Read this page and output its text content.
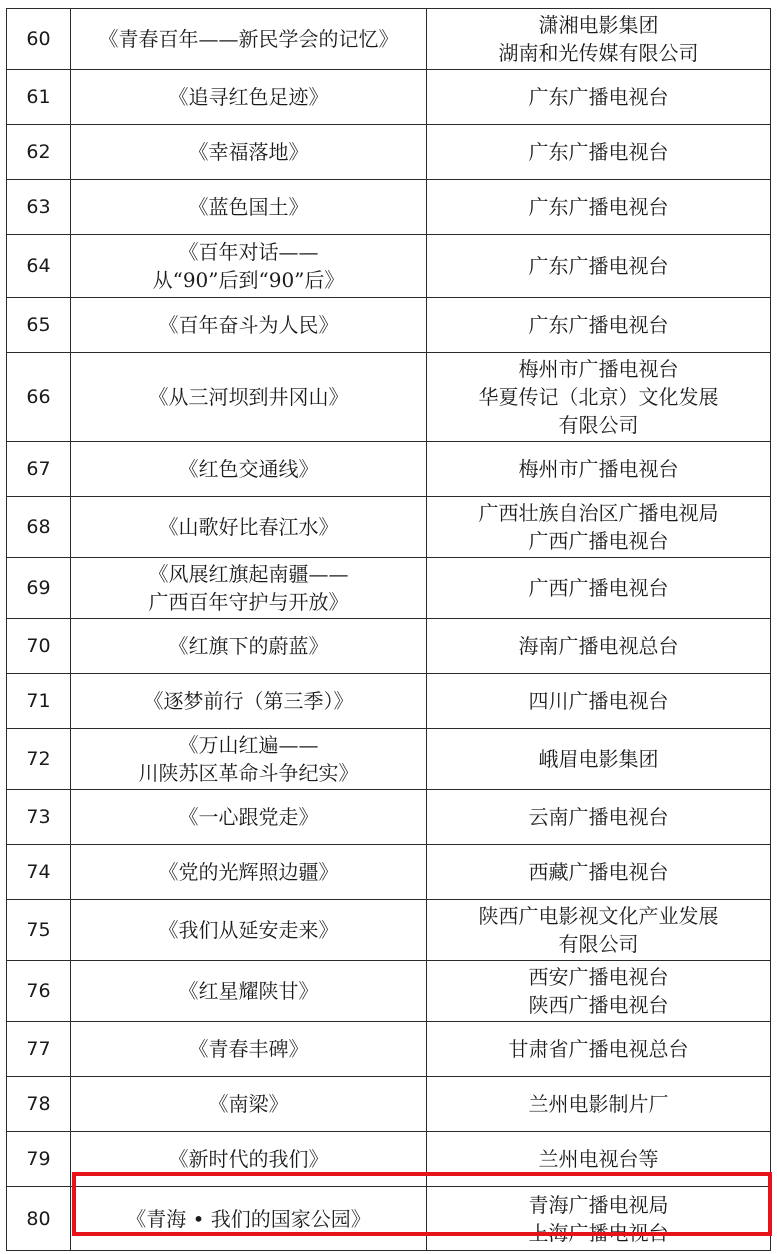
60	《青春百年——新民学会的记忆》	潇湘电影集团
湖南和光传媒有限公司

61	《追寻红色足迹》	广东广播电视台

62	《幸福落地》	广东广播电视台

63	《蓝色国土》	广东广播电视台

64	《百年对话——
从“90”后到“90”后》	广东广播电视台

65	《百年奋斗为人民》	广东广播电视台

66	《从三河坝到井冈山》	梅州市广播电视台
华夏传记（北京）文化发展
有限公司

67	《红色交通线》	梅州市广播电视台

68	《山歌好比春江水》	广西壮族自治区广播电视局
广西广播电视台

69	《风展红旗起南疆——
广西百年守护与开放》	广西广播电视台

70	《红旗下的蔚蓝》	海南广播电视总台

71	《逐梦前行（第三季）》	四川广播电视台

72	《万山红遍——
川陕苏区革命斗争纪实》	峨眉电影集团

73	《一心跟党走》	云南广播电视台

74	《党的光辉照边疆》	西藏广播电视台

75	《我们从延安走来》	陕西广电影视文化产业发展
有限公司

76	《红星耀陕甘》	西安广播电视台
陕西广播电视台

77	《青春丰碑》	甘肃省广播电视总台

78	《南梁》	兰州电影制片厂

79	《新时代的我们》	兰州电视台等

80	《青海 • 我们的国家公园》	青海广播电视局
上海广播电视台
